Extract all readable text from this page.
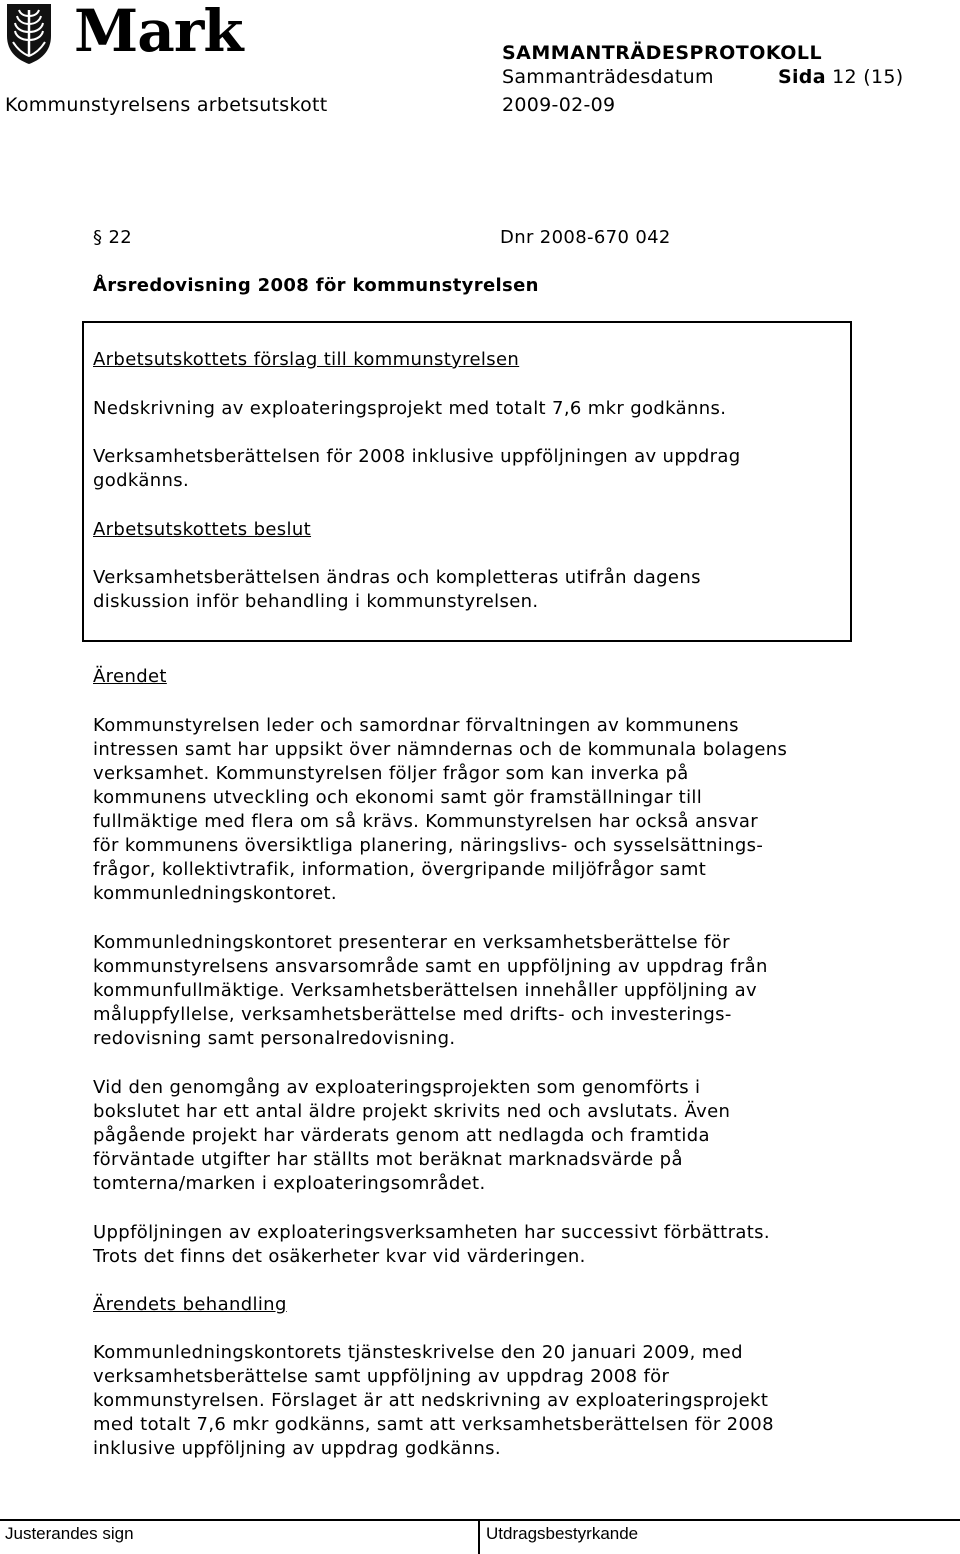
Mark	SAMMANTRÄDESPROTOKOLL
Sammanträdesdatum	Sida 12 (15)
Kommunstyrelsens arbetsutskott	2009-02-09
§ 22	Dnr 2008-670 042
Årsredovisning 2008 för kommunstyrelsen
Arbetsutskottets förslag till kommunstyrelsen
Nedskrivning av exploateringsprojekt med totalt 7,6 mkr godkänns.
Verksamhetsberättelsen för 2008 inklusive uppföljningen av uppdrag
godkänns.
Arbetsutskottets beslut
Verksamhetsberättelsen ändras och kompletteras utifrån dagens
diskussion inför behandling i kommunstyrelsen.
Ärendet
Kommunstyrelsen leder och samordnar förvaltningen av kommunens
intressen samt har uppsikt över nämndernas och de kommunala bolagens
verksamhet. Kommunstyrelsen följer frågor som kan inverka på
kommunens utveckling och ekonomi samt gör framställningar till
fullmäktige med flera om så krävs. Kommunstyrelsen har också ansvar
för kommunens översiktliga planering, näringslivs- och sysselsättnings-
frågor, kollektivtrafik, information, övergripande miljöfrågor samt
kommunledningskontoret.
Kommunledningskontoret presenterar en verksamhetsberättelse för
kommunstyrelsens ansvarsområde samt en uppföljning av uppdrag från
kommunfullmäktige. Verksamhetsberättelsen innehåller uppföljning av
måluppfyllelse, verksamhetsberättelse med drifts- och investerings-
redovisning samt personalredovisning.
Vid den genomgång av exploateringsprojekten som genomförts i
bokslutet har ett antal äldre projekt skrivits ned och avslutats. Även
pågående projekt har värderats genom att nedlagda och framtida
förväntade utgifter har ställts mot beräknat marknadsvärde på
tomterna/marken i exploateringsområdet.
Uppföljningen av exploateringsverksamheten har successivt förbättrats.
Trots det finns det osäkerheter kvar vid värderingen.
Ärendets behandling
Kommunledningskontorets tjänsteskrivelse den 20 januari 2009, med
verksamhetsberättelse samt uppföljning av uppdrag 2008 för
kommunstyrelsen. Förslaget är att nedskrivning av exploateringsprojekt
med totalt 7,6 mkr godkänns, samt att verksamhetsberättelsen för 2008
inklusive uppföljning av uppdrag godkänns.
Justerandes sign	Utdragsbestyrkande
